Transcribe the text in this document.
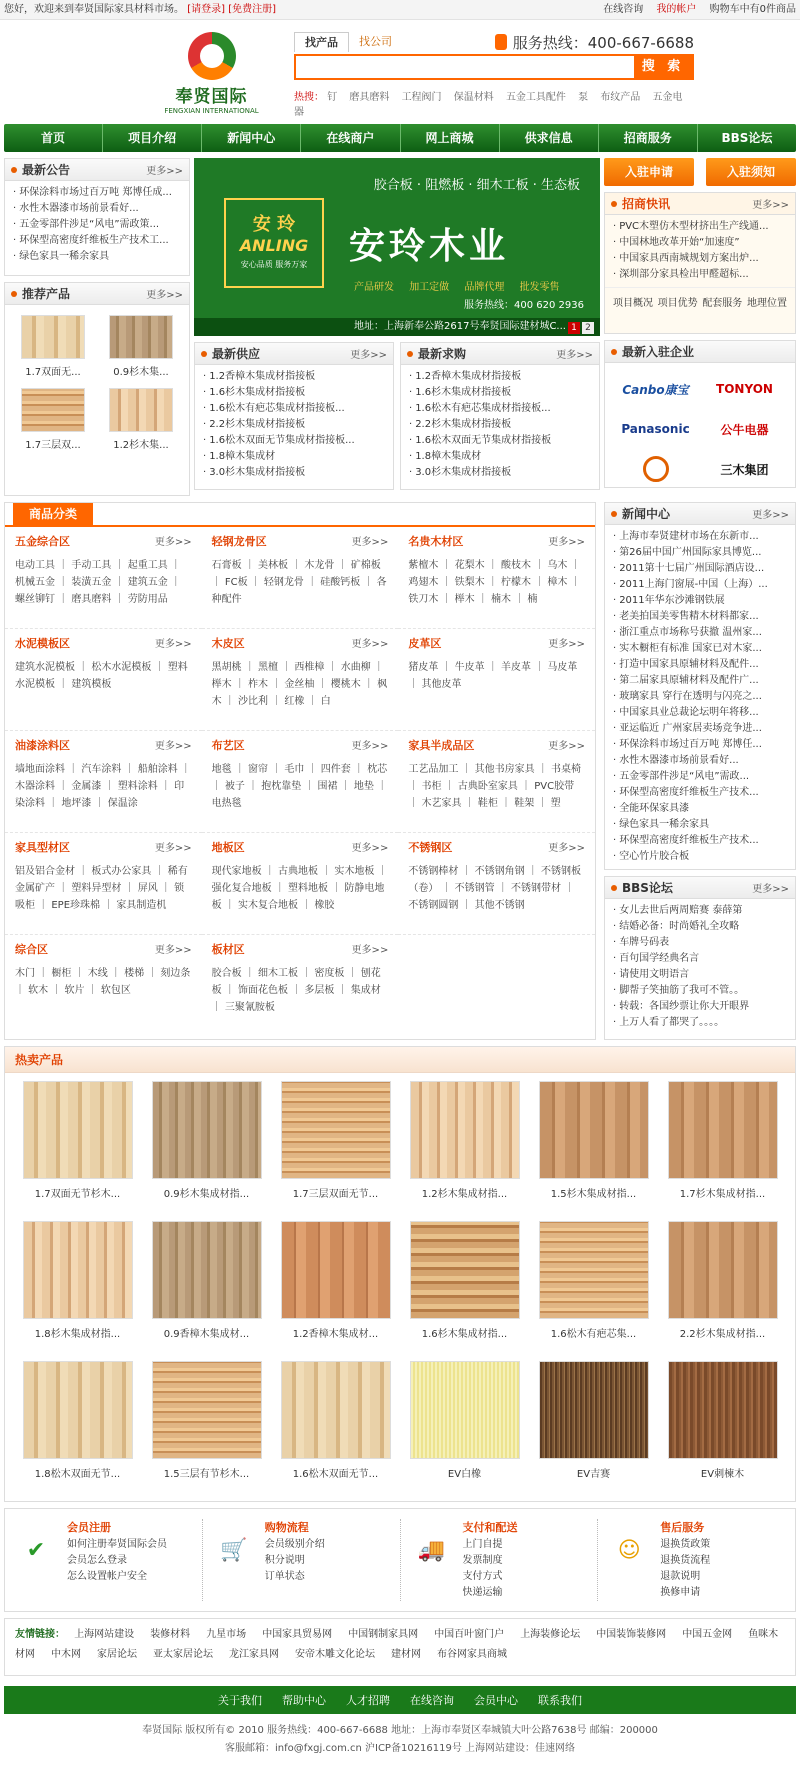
您好，欢迎来到奉贤国际家具材料市场。 [请登录] [免费注册]	在线咨询 我的帐户 购物车中有0件商品
奉贤国际
FENGXIAN INTERNATIONAL
找产品	找公司	服务热线：400-667-6688
搜 索
热搜： 钉 磨具磨料 工程阀门 保温材料 五金工具配件 泵 布纹产品 五金电器
首页	项目介绍	新闻中心	在线商户	网上商城	供求信息	招商服务	BBS论坛
最新公告	更多>>
· 环保涂料市场过百万吨 郑博任成...
· 水性木器漆市场前景看好...
· 五金零部件涉足“风电”需政策...
· 环保型高密度纤维板生产技术工...
· 绿色家具一稀余家具
推荐产品	更多>>
1.7双面无...	0.9杉木集...
1.7三层双...	1.2杉木集...
安 玲
ANLING
安心品质 服务万家
胶合板 · 阻燃板 · 细木工板 · 生态板
安玲木业
产品研发 加工定做 品牌代理 批发零售
服务热线：400 620 2936
地址：上海新奉公路2617号奉贤国际建材城C... 1 2
最新供应	更多>>
· 1.2香樟木集成材指接板
· 1.6杉木集成材指接板
· 1.6松木有疤芯集成材指接板...
· 2.2杉木集成材指接板
· 1.6松木双面无节集成材指接板...
· 1.8樟木集成材
· 3.0杉木集成材指接板
最新求购	更多>>
· 1.2香樟木集成材指接板
· 1.6杉木集成材指接板
· 1.6松木有疤芯集成材指接板...
· 2.2杉木集成材指接板
· 1.6松木双面无节集成材指接板
· 1.8樟木集成材
· 3.0杉木集成材指接板
入驻申请	入驻须知
招商快讯	更多>>
· PVC木塑仿木型材挤出生产线通...
· 中国林地改革开始“加速度”
· 中国家具西南城规划方案出炉...
· 深圳部分家具检出甲醛超标...
项目概况 项目优势 配套服务 地理位置
最新入驻企业
Canbo康宝	TONYON
Panasonic	公牛电器
三木集团
商品分类
五金综合区	更多>>
电动工具 ｜ 手动工具 ｜ 起重工具 ｜ 机械五金 ｜ 装潢五金 ｜ 建筑五金 ｜ 螺丝铆钉 ｜ 磨具磨料 ｜ 劳防用品
轻钢龙骨区	更多>>
石膏板 ｜ 美林板 ｜ 木龙骨 ｜ 矿棉板 ｜ FC板 ｜ 轻钢龙骨 ｜ 硅酸钙板 ｜ 各种配件
名贵木材区	更多>>
紫檀木 ｜ 花梨木 ｜ 酸枝木 ｜ 乌木 ｜ 鸡翅木 ｜ 铁梨木 ｜ 柠檬木 ｜ 樟木 ｜ 铁刀木 ｜ 榉木 ｜ 楠木 ｜ 楠
水泥模板区	更多>>
建筑水泥模板 ｜ 松木水泥模板 ｜ 塑料水泥模板 ｜ 建筑模板
木皮区	更多>>
黑胡桃 ｜ 黑檀 ｜ 西椎樟 ｜ 水曲柳 ｜ 榉木 ｜ 柞木 ｜ 金丝柚 ｜ 樱桃木 ｜ 枫木 ｜ 沙比利 ｜ 红橡 ｜ 白
皮革区	更多>>
猪皮革 ｜ 牛皮革 ｜ 羊皮革 ｜ 马皮革 ｜ 其他皮革
油漆涂料区	更多>>
墙地面涂料 ｜ 汽车涂料 ｜ 船舶涂料 ｜ 木器涂料 ｜ 金属漆 ｜ 塑料涂料 ｜ 印染涂料 ｜ 地坪漆 ｜ 保温涂
布艺区	更多>>
地毯 ｜ 窗帘 ｜ 毛巾 ｜ 四件套 ｜ 枕芯 ｜ 被子 ｜ 抱枕靠垫 ｜ 围裙 ｜ 地垫 ｜ 电热毯
家具半成品区	更多>>
工艺品加工 ｜ 其他书房家具 ｜ 书桌椅 ｜ 书柜 ｜ 古典卧室家具 ｜ PVC胶带 ｜ 木艺家具 ｜ 鞋柜 ｜ 鞋架 ｜ 塑
家具型材区	更多>>
铝及铝合金材 ｜ 板式办公家具 ｜ 稀有金属矿产 ｜ 塑料异型材 ｜ 屏风 ｜ 锁吸柜 ｜ EPE珍珠棉 ｜ 家具制造机
地板区	更多>>
现代家地板 ｜ 古典地板 ｜ 实木地板 ｜ 强化复合地板 ｜ 塑料地板 ｜ 防静电地板 ｜ 实木复合地板 ｜ 橡胶
不锈钢区	更多>>
不锈钢棒材 ｜ 不锈钢角钢 ｜ 不锈钢板（卷） ｜ 不锈钢管 ｜ 不锈钢带材 ｜ 不锈钢圆钢 ｜ 其他不锈钢
综合区	更多>>
木门 ｜ 橱柜 ｜ 木线 ｜ 楼梯 ｜ 刻边条 ｜ 软木 ｜ 软片 ｜ 软包区
板材区	更多>>
胶合板 ｜ 细木工板 ｜ 密度板 ｜ 刨花板 ｜ 饰面花色板 ｜ 多层板 ｜ 集成材 ｜ 三聚氰胺板
新闻中心	更多>>
· 上海市奉贤建材市场在东新市...
· 第26届中国广州国际家具博览...
· 2011第十七届广州国际酒店设...
· 2011上海门窗展-中国（上海）...
· 2011年华东沙滩钢铁展
· 老美拍国美零售精木材料都家...
· 浙江重点市场称号获撤 温州家...
· 实木橱柜有标准 国家已对木家...
· 打造中国家具原辅材料及配件...
· 第二届家具原辅材料及配件广...
· 玻璃家具 穿行在透明与闪亮之...
· 中国家具业总裁论坛明年将移...
· 亚运临近 广州家居卖场竞争进...
· 环保涂料市场过百万吨 郑博任...
· 水性木器漆市场前景看好...
· 五金零部件涉足“风电”需政...
· 环保型高密度纤维板生产技术...
· 全能环保家具漆
· 绿色家具一稀余家具
· 环保型高密度纤维板生产技术...
· 空心竹片胶合板
BBS论坛	更多>>
· 女儿去世后两周赔赛 泰薛第
· 结婚必备：时尚婚礼全攻略
· 车牌号码表
· 百句国学经典名言
· 请使用文明语言
· 脚帮子笑抽筋了我可不管。。
· 转载：各国纱票让你大开眼界
· 上万人看了都哭了。。。。
热卖产品
1.7双面无节杉木...	0.9杉木集成材指...	1.7三层双面无节...	1.2杉木集成材指...	1.5杉木集成材指...	1.7杉木集成材指...
1.8杉木集成材指...	0.9香樟木集成材...	1.2香樟木集成材...	1.6杉木集成材指...	1.6松木有疤芯集...	2.2杉木集成材指...
1.8松木双面无节...	1.5三层有节杉木...	1.6松木双面无节...	EV白橡	EV吉赛	EV刺楝木
✔
会员注册
如何注册奉贤国际会员
会员怎么登录
怎么设置帐户安全
🛒
购物流程
会员级别介绍
积分说明
订单状态
🚚
支付和配送
上门自提
发票制度
支付方式
快递运输
☺
售后服务
退换货政策
退换货流程
退款说明
换修申请
友情链接： 上海网站建设 装修材料 九星市场 中国家具贸易网 中国钢制家具网 中国百叶窗门户 上海装修论坛 中国装饰装修网 中国五金网 鱼咪木材网 中木网 家居论坛 亚太家居论坛 龙江家具网 安帝木雕文化论坛 建材网 布谷网家具商城
关于我们 帮助中心 人才招聘 在线咨询 会员中心 联系我们
奉贤国际 版权所有© 2010 服务热线：400-667-6688 地址：上海市奉贤区奉城镇大叶公路7638号 邮编：200000
客服邮箱：info@fxgj.com.cn 沪ICP备10216119号 上海网站建设：佳速网络
